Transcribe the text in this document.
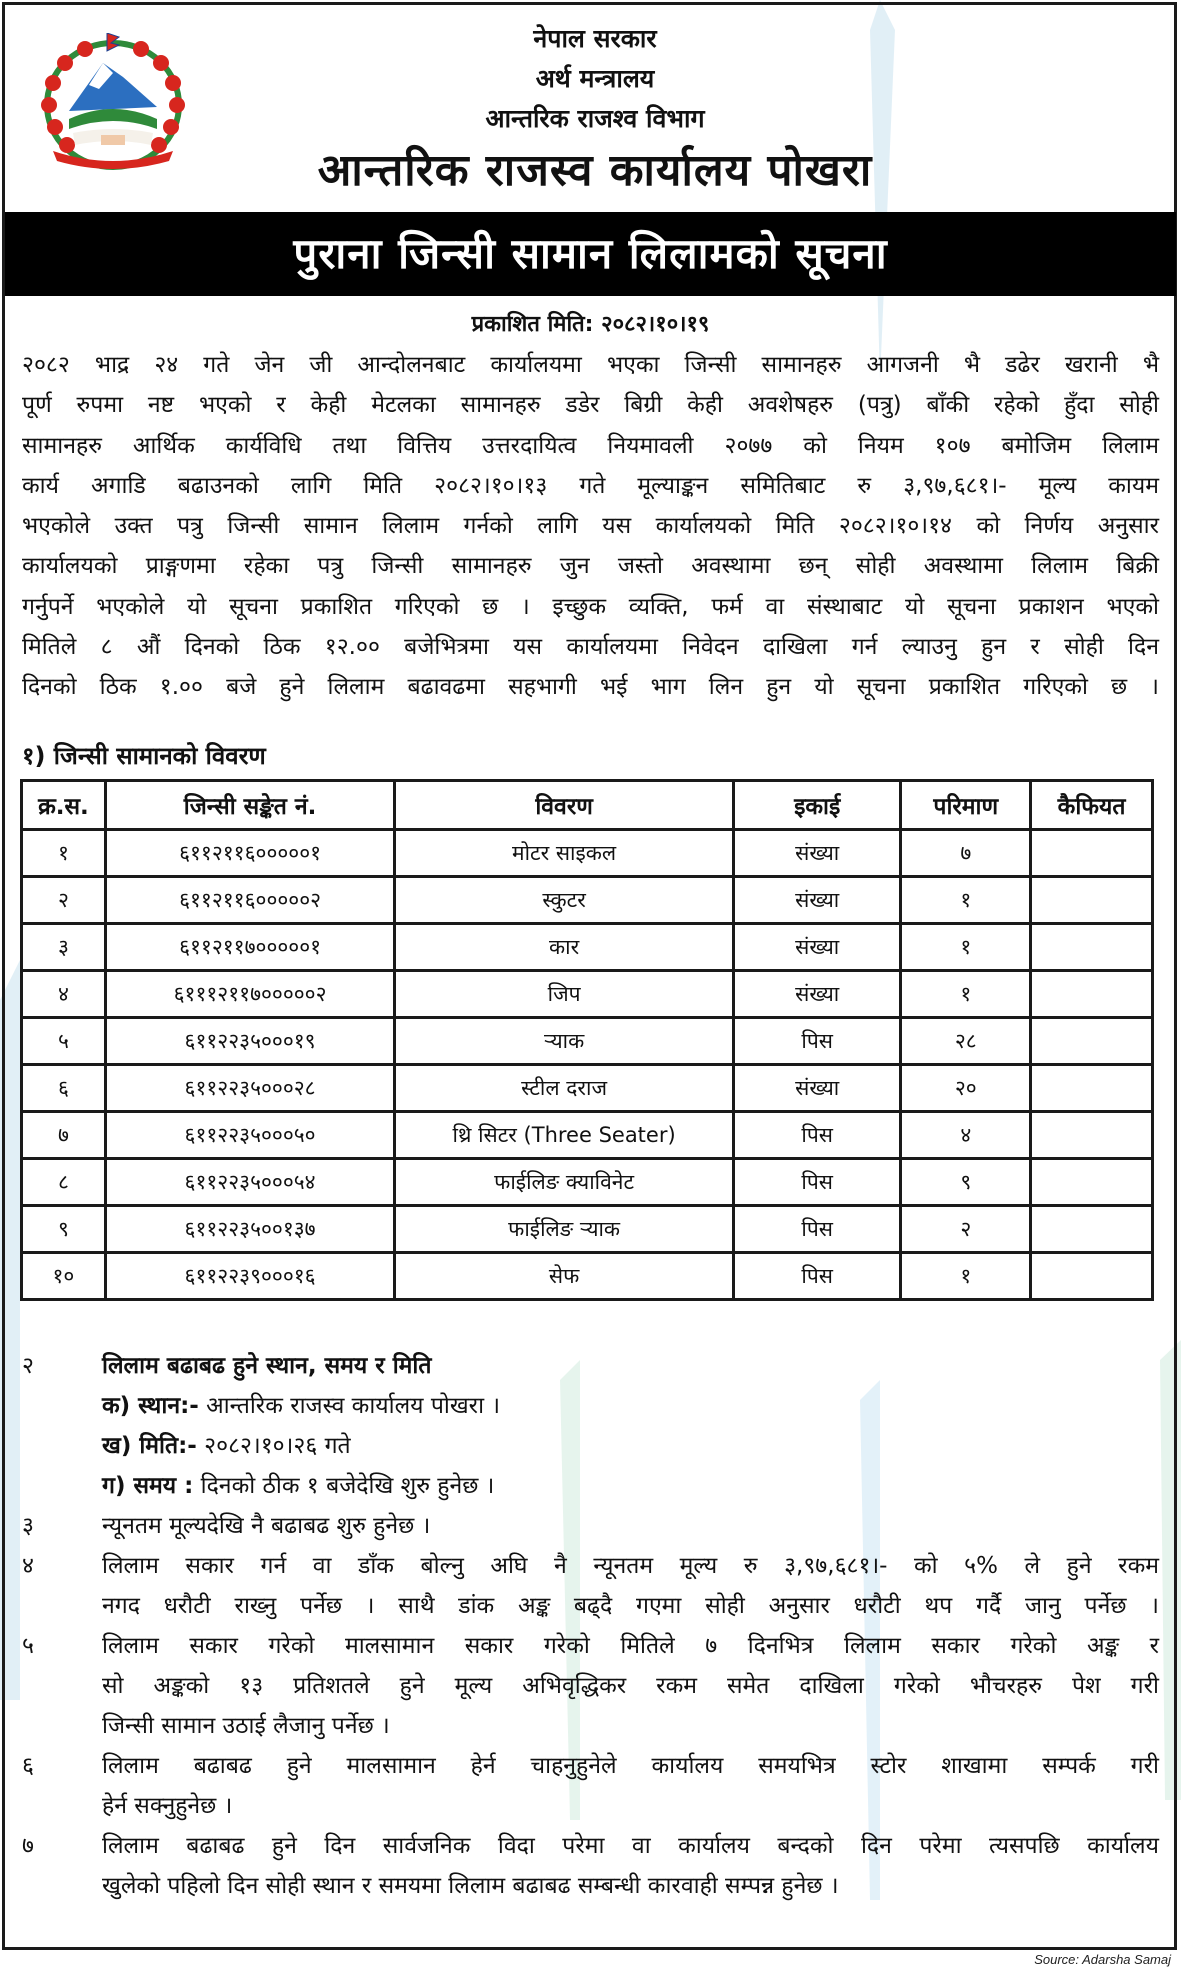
नेपाल सरकार
अर्थ मन्त्रालय
आन्तरिक राजश्व विभाग
आन्तरिक राजस्व कार्यालय पोखरा
पुराना जिन्सी सामान लिलामको सूचना
प्रकाशित मिति: २०८२।१०।१९
२०८२ भाद्र २४ गते जेन जी आन्दोलनबाट कार्यालयमा भएका जिन्सी सामानहरु आगजनी भै डढेर खरानी भै
पूर्ण रुपमा नष्ट भएको र केही मेटलका सामानहरु डडेर बिग्री केही अवशेषहरु (पत्रु) बाँकी रहेको हुँदा सोही
सामानहरु आर्थिक कार्यविधि तथा वित्तिय उत्तरदायित्व नियमावली २०७७ को नियम १०७ बमोजिम लिलाम
कार्य अगाडि बढाउनको लागि मिति २०८२।१०।१३ गते मूल्याङ्कन समितिबाट रु ३,९७,६८१।- मूल्य कायम
भएकोले उक्त पत्रु जिन्सी सामान लिलाम गर्नको लागि यस कार्यालयको मिति २०८२।१०।१४ को निर्णय अनुसार
कार्यालयको प्राङ्गणमा रहेका पत्रु जिन्सी सामानहरु जुन जस्तो अवस्थामा छन् सोही अवस्थामा लिलाम बिक्री
गर्नुपर्ने भएकोले यो सूचना प्रकाशित गरिएको छ । इच्छुक व्यक्ति, फर्म वा संस्थाबाट यो सूचना प्रकाशन भएको
मितिले ८ औं दिनको ठिक १२.०० बजेभित्रमा यस कार्यालयमा निवेदन दाखिला गर्न ल्याउनु हुन र सोही दिन
दिनको ठिक १.०० बजे हुने लिलाम बढावढमा सहभागी भई भाग लिन हुन यो सूचना प्रकाशित गरिएको छ ।
१) जिन्सी सामानको विवरण
क्र.स.	जिन्सी सङ्केत नं.	विवरण	इकाई	परिमाण	कैफियत
१	६११२११६०००००१	मोटर साइकल	संख्या	७	
२	६११२११६०००००२	स्कुटर	संख्या	१	
३	६११२११७०००००१	कार	संख्या	१	
४	६१११२११७०००००२	जिप	संख्या	१	
५	६११२२३५०००१९	र्‍याक	पिस	२८	
६	६११२२३५०००२८	स्टील दराज	संख्या	२०	
७	६११२२३५०००५०	थ्रि सिटर (Three Seater)	पिस	४	
८	६११२२३५०००५४	फाईलिङ क्याविनेट	पिस	९	
९	६११२२३५००१३७	फाईलिङ र्‍याक	पिस	२	
१०	६११२२३९०००१६	सेफ	पिस	१	
२	लिलाम बढाबढ हुने स्थान, समय र मिति
क) स्थान:- आन्तरिक राजस्व कार्यालय पोखरा ।
ख) मिति:- २०८२।१०।२६ गते
ग) समय : दिनको ठीक १ बजेदेखि शुरु हुनेछ ।
३	न्यूनतम मूल्यदेखि नै बढाबढ शुरु हुनेछ ।
४	लिलाम सकार गर्न वा डाँक बोल्नु अघि नै न्यूनतम मूल्य रु ३,९७,६८१।- को ५% ले हुने रकम
नगद धरौटी राख्नु पर्नेछ । साथै डांक अङ्क बढ्दै गएमा सोही अनुसार धरौटी थप गर्दै जानु पर्नेछ ।
५	लिलाम सकार गरेको मालसामान सकार गरेको मितिले ७ दिनभित्र लिलाम सकार गरेको अङ्क र
सो अङ्कको १३ प्रतिशतले हुने मूल्य अभिवृद्धिकर रकम समेत दाखिला गरेको भौचरहरु पेश गरी
जिन्सी सामान उठाई लैजानु पर्नेछ ।
६	लिलाम बढाबढ हुने मालसामान हेर्न चाहनुहुनेले कार्यालय समयभित्र स्टोर शाखामा सम्पर्क गरी
हेर्न सक्नुहुनेछ ।
७	लिलाम बढाबढ हुने दिन सार्वजनिक विदा परेमा वा कार्यालय बन्दको दिन परेमा त्यसपछि कार्यालय
खुलेको पहिलो दिन सोही स्थान र समयमा लिलाम बढाबढ सम्बन्धी कारवाही सम्पन्न हुनेछ ।
Source: Adarsha Samaj
